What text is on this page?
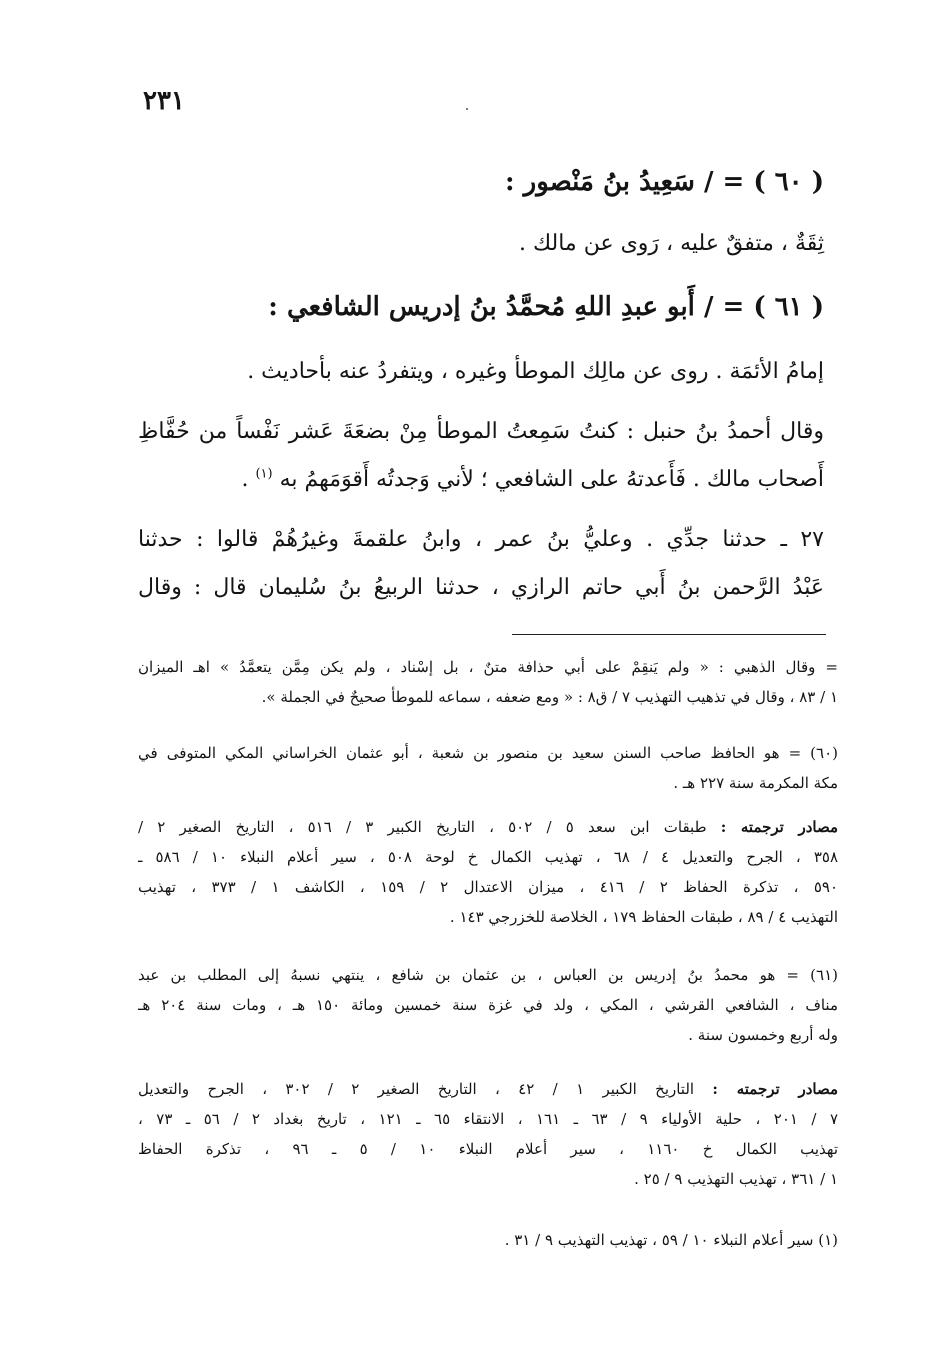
٢٣١
( ٦٠ ) = / سَعِيدُ بنُ مَنْصور :
ثِقَةٌ ، متفقٌ عليه ، رَوى عن مالك .
( ٦١ ) = / أَبو عبدِ اللهِ مُحمَّدُ بنُ إدريس الشافعي :
إمامُ الأئمَة . روى عن مالِك الموطأ وغيره ، ويتفردُ عنه بأحاديث .
وقال أحمدُ بنُ حنبل : كنتُ سَمِعتُ الموطأ مِنْ بضعَةَ عَشر نَفْساً من حُفَّاظِ
أَصحاب مالك . فَأَعدتهُ على الشافعي ؛ لأني وَجدتُه أَقوَمَهمُ به $^{(١)}$ .
٢٧ ـ حدثنا جدِّي . وعليُّ بنُ عمر ، وابنُ علقمةَ وغيرُهُمْ قالوا : حدثنا
عَبْدُ الرَّحمن بنُ أَبي حاتم الرازي ، حدثنا الربيعُ بنُ سُليمان قال : وقال
= وقال الذهبي : « ولم يَنقِمْ على أبي حذافة متنٌ ، بل إسْناد ، ولم يكن مِمَّن يتعمَّدُ » اهـ الميزان
١ / ٨٣ ، وقال في تذهيب التهذيب ٧ / ق٨ : « ومع ضعفه ، سماعه للموطأ صحيحٌ في الجملة ».
(٦٠) = هو الحافظ صاحب السنن سعيد بن منصور بن شعبة ، أبو عثمان الخراساني المكي المتوفى في
مكة المكرمة سنة ٢٢٧ هـ .
مصادر ترجمته : طبقات ابن سعد ٥ / ٥٠٢ ، التاريخ الكبير ٣ / ٥١٦ ، التاريخ الصغير ٢ /
٣٥٨ ، الجرح والتعديل ٤ / ٦٨ ، تهذيب الكمال خ لوحة ٥٠٨ ، سير أعلام النبلاء ١٠ / ٥٨٦ ـ
٥٩٠ ، تذكرة الحفاظ ٢ / ٤١٦ ، ميزان الاعتدال ٢ / ١٥٩ ، الكاشف ١ / ٣٧٣ ، تهذيب
التهذيب ٤ / ٨٩ ، طبقات الحفاظ ١٧٩ ، الخلاصة للخزرجي ١٤٣ .
(٦١) = هو محمدُ بنُ إدريس بن العباس ، بن عثمان بن شافع ، ينتهي نسبهُ إلى المطلب بن عبد
مناف ، الشافعي القرشي ، المكي ، ولد في غزة سنة خمسين ومائة ١٥٠ هـ ، ومات سنة ٢٠٤ هـ
وله أربع وخمسون سنة .
مصادر ترجمته : التاريخ الكبير ١ / ٤٢ ، التاريخ الصغير ٢ / ٣٠٢ ، الجرح والتعديل
٧ / ٢٠١ ، حلية الأولياء ٩ / ٦٣ ـ ١٦١ ، الانتقاء ٦٥ ـ ١٢١ ، تاريخ بغداد ٢ / ٥٦ ـ ٧٣ ،
تهذيب الكمال خ ١١٦٠ ، سير أعلام النبلاء ١٠ / ٥ ـ ٩٦ ، تذكرة الحفاظ
١ / ٣٦١ ، تهذيب التهذيب ٩ / ٢٥ .
(١) سير أعلام النبلاء ١٠ / ٥٩ ، تهذيب التهذيب ٩ / ٣١ .
